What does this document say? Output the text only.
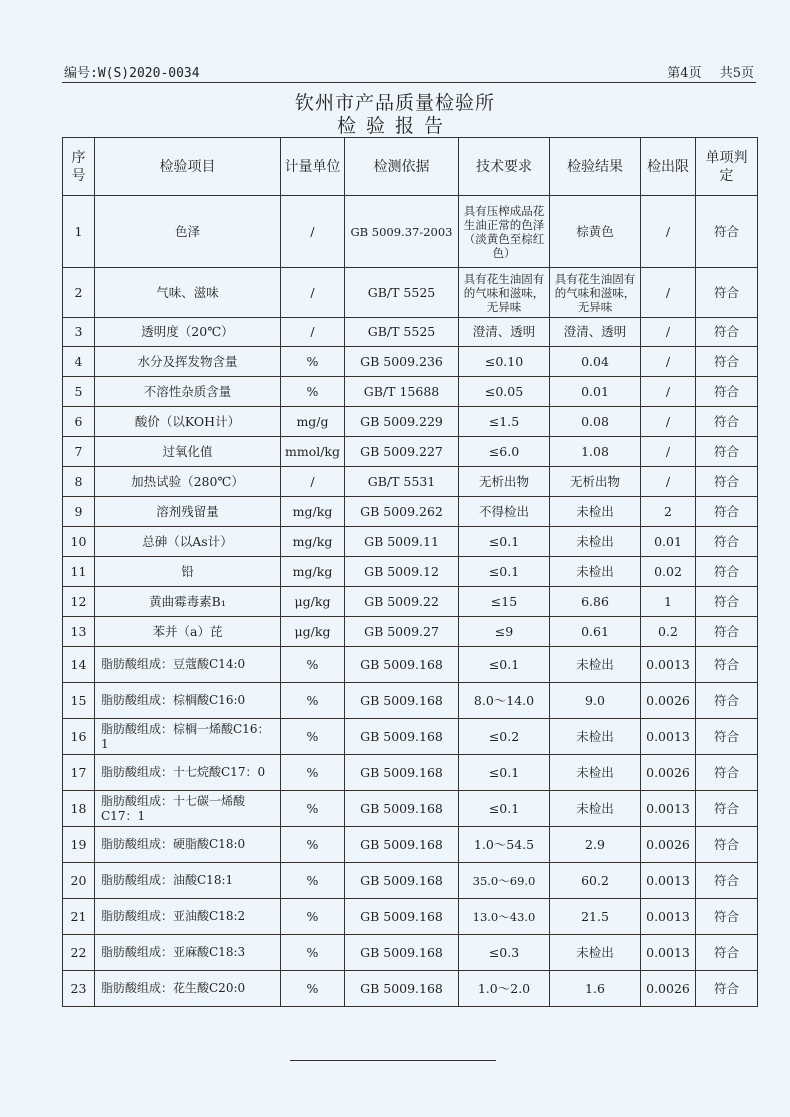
编号:W(S)2020-0034	第4页 共5页
钦州市产品质量检验所
检验报告
序号	检验项目	计量单位	检测依据	技术要求	检验结果	检出限	单项判定
1	色泽	/	GB 5009.37-2003	具有压榨成品花生油正常的色泽（淡黄色至棕红色）	棕黄色	/	符合
2	气味、滋味	/	GB/T 5525	具有花生油固有的气味和滋味，无异味	具有花生油固有的气味和滋味，无异味	/	符合
3	透明度（20℃）	/	GB/T 5525	澄清、透明	澄清、透明	/	符合
4	水分及挥发物含量	%	GB 5009.236	≤0.10	0.04	/	符合
5	不溶性杂质含量	%	GB/T 15688	≤0.05	0.01	/	符合
6	酸价（以KOH计）	mg/g	GB 5009.229	≤1.5	0.08	/	符合
7	过氧化值	mmol/kg	GB 5009.227	≤6.0	1.08	/	符合
8	加热试验（280℃）	/	GB/T 5531	无析出物	无析出物	/	符合
9	溶剂残留量	mg/kg	GB 5009.262	不得检出	未检出	2	符合
10	总砷（以As计）	mg/kg	GB 5009.11	≤0.1	未检出	0.01	符合
11	铅	mg/kg	GB 5009.12	≤0.1	未检出	0.02	符合
12	黄曲霉毒素B₁	μg/kg	GB 5009.22	≤15	6.86	1	符合
13	苯并（a）芘	μg/kg	GB 5009.27	≤9	0.61	0.2	符合
14	脂肪酸组成：豆蔻酸C14:0	%	GB 5009.168	≤0.1	未检出	0.0013	符合
15	脂肪酸组成：棕榈酸C16:0	%	GB 5009.168	8.0～14.0	9.0	0.0026	符合
16	脂肪酸组成：棕榈一烯酸C16：1	%	GB 5009.168	≤0.2	未检出	0.0013	符合
17	脂肪酸组成：十七烷酸C17：0	%	GB 5009.168	≤0.1	未检出	0.0026	符合
18	脂肪酸组成：十七碳一烯酸C17：1	%	GB 5009.168	≤0.1	未检出	0.0013	符合
19	脂肪酸组成：硬脂酸C18:0	%	GB 5009.168	1.0～54.5	2.9	0.0026	符合
20	脂肪酸组成：油酸C18:1	%	GB 5009.168	35.0～69.0	60.2	0.0013	符合
21	脂肪酸组成：亚油酸C18:2	%	GB 5009.168	13.0～43.0	21.5	0.0013	符合
22	脂肪酸组成：亚麻酸C18:3	%	GB 5009.168	≤0.3	未检出	0.0013	符合
23	脂肪酸组成：花生酸C20:0	%	GB 5009.168	1.0～2.0	1.6	0.0026	符合
